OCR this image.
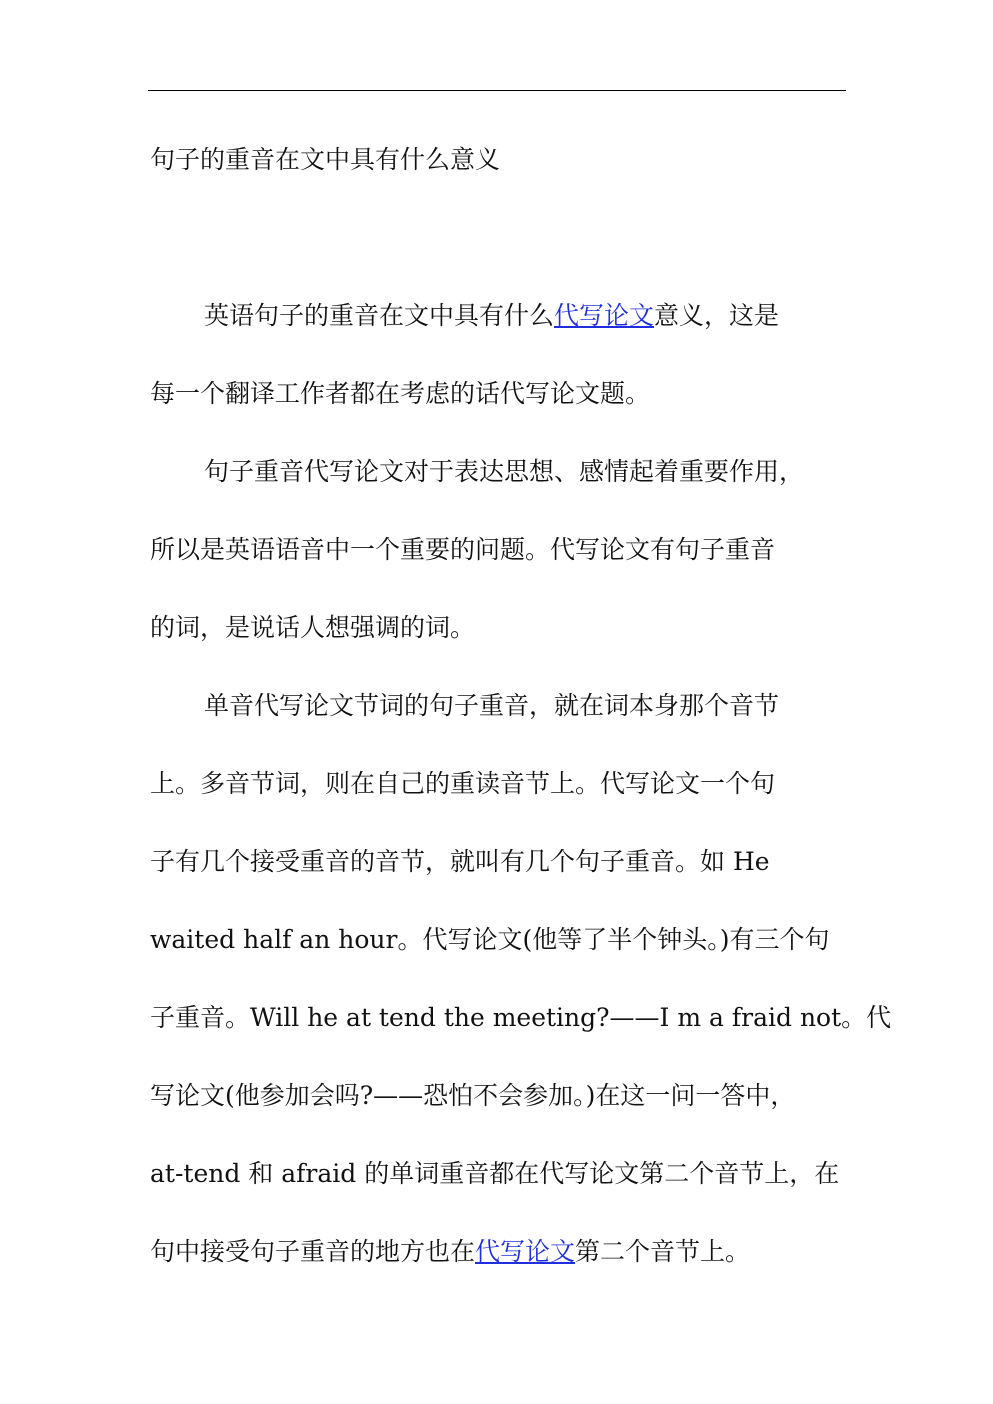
句子的重音在文中具有什么意义
英语句子的重音在文中具有什么代写论文意义，这是
每一个翻译工作者都在考虑的话代写论文题。
句子重音代写论文对于表达思想、感情起着重要作用，
所以是英语语音中一个重要的问题。代写论文有句子重音
的词，是说话人想强调的词。
单音代写论文节词的句子重音，就在词本身那个音节
上。多音节词，则在自己的重读音节上。代写论文一个句
子有几个接受重音的音节，就叫有几个句子重音。如 He
waited half an hour。代写论文(他等了半个钟头。)有三个句
子重音。Will he at tend the meeting?——I m a fraid not。代
写论文(他参加会吗?——恐怕不会参加。)在这一问一答中，
at-tend 和 afraid 的单词重音都在代写论文第二个音节上，在
句中接受句子重音的地方也在代写论文第二个音节上。
